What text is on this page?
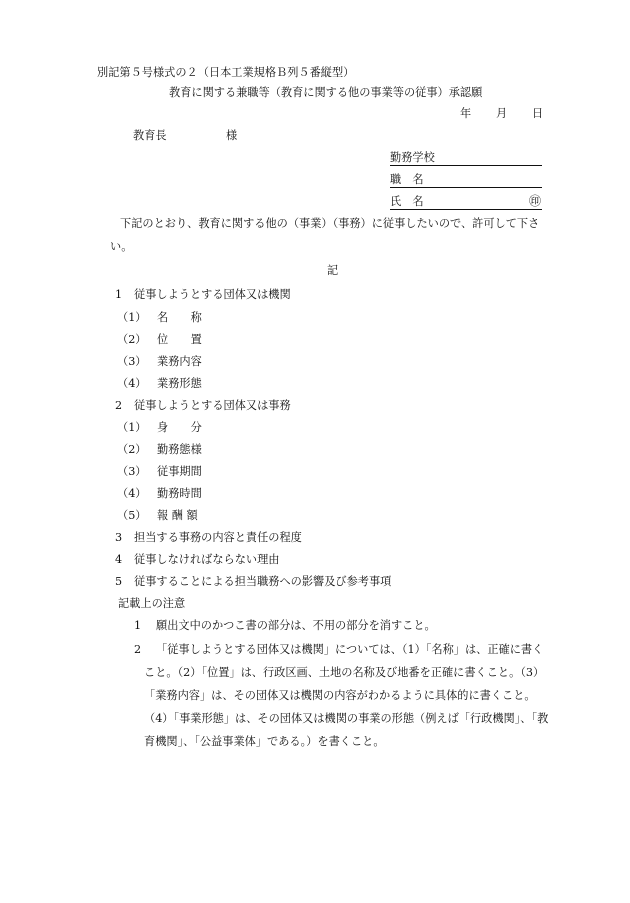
別記第５号様式の２（日本工業規格Ｂ列５番縦型）
教育に関する兼職等（教育に関する他の事業等の従事）承認願
年 月 日
教育長	様
勤務学校
職　名
氏　名	㊞
下記のとおり、教育に関する他の（事業）（事務）に従事したいので、許可して下さ
い。
記
1 従事しようとする団体又は機関
（1） 名　　称
（2） 位　　置
（3） 業務内容
（4） 業務形態
2 従事しようとする団体又は事務
（1） 身　　分
（2） 勤務態様
（3） 従事期間
（4） 勤務時間
（5） 報 酬 額
3 担当する事務の内容と責任の程度
4 従事しなければならない理由
5 従事することによる担当職務への影響及び参考事項
記載上の注意
1 願出文中のかつこ書の部分は、不用の部分を消すこと。
2 「従事しようとする団体又は機関」については、（1）「名称」は、正確に書く
こと。（2）「位置」は、行政区画、土地の名称及び地番を正確に書くこと。（3）
「業務内容」は、その団体又は機関の内容がわかるように具体的に書くこと。
（4）「事業形態」は、その団体又は機関の事業の形態（例えば「行政機関」、「教
育機関」、「公益事業体」である。）を書くこと。
